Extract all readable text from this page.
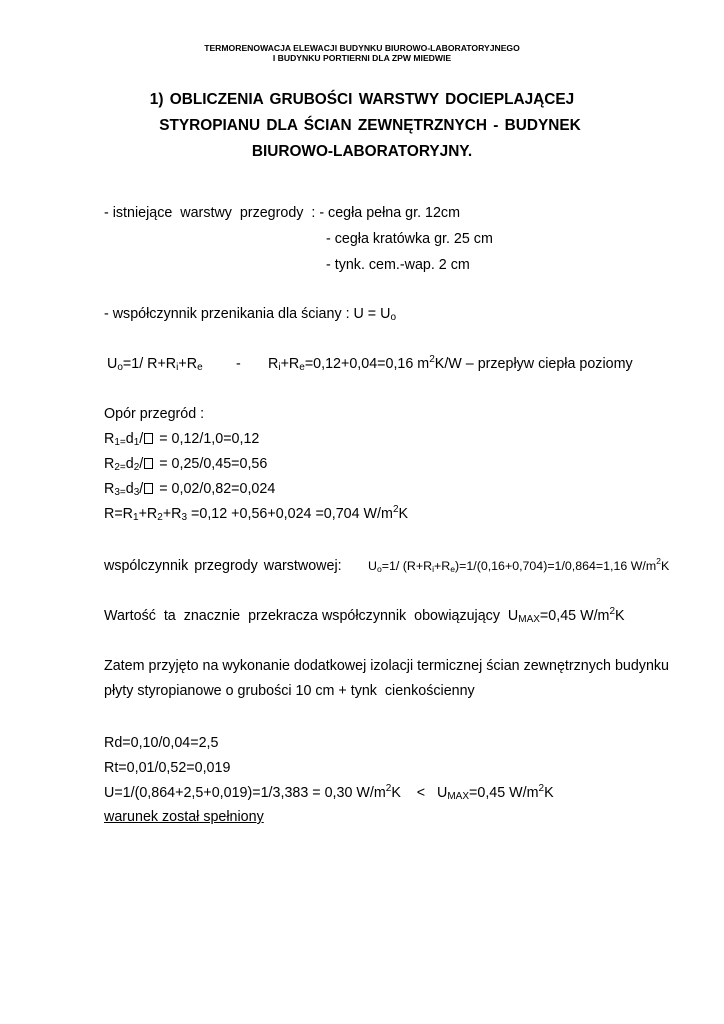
TERMORENOWACJA ELEWACJI BUDYNKU BIUROWO-LABORATORYJNEGO
I BUDYNKU PORTIERNI DLA ZPW MIEDWIE
1) OBLICZENIA GRUBOŚCI WARSTWY DOCIEPLAJĄCEJ
STYROPIANU DLA ŚCIAN ZEWNĘTRZNYCH - BUDYNEK
BIUROWO-LABORATORYJNY.
- istniejące  warstwy  przegrody  : - cegła pełna gr. 12cm
- cegła kratówka gr. 25 cm
- tynk. cem.-wap. 2 cm
- współczynnik przenikania dla ściany : $U = U_o$
$U_o=1/$ $R+R_i+R_e - R_i+R_e=0,12+0,04=0,16$ $m^2K/W$ – przepływ ciepła poziomy
Opór przegród :
$R_{1=}d_1/ = 0,12/1,0=0,12$
$R_{2=}d_2/ = 0,25/0,45=0,56$
$R_{3=}d_3/ = 0,02/0,82=0,024$
$R=R_1+R_2+R_3 =0,12 +0,56+0,024 =0,704$ $W/m^2K$
wspólczynnik przegrody warstwowej: $U_o=1/$ $(R+R_i+R_e)=1/(0,16+0,704)=1/0,864=1,16$ $W/m^2K$
Wartość  ta  znacznie  przekracza współczynnik  obowiązujący  $U_{MAX}=0,45$ $W/m^2K$
Zatem przyjęto na wykonanie dodatkowej izolacji termicznej ścian zewnętrznych budynku
płyty styropianowe o grubości 10 cm + tynk  cienkościenny
Rd=0,10/0,04=2,5
Rt=0,01/0,52=0,019
U=1/(0,864+2,5+0,019)=1/3,383 = 0,30 $W/m^2K$    <   $U_{MAX}=0,45$ $W/m^2K$
warunek został spełniony
